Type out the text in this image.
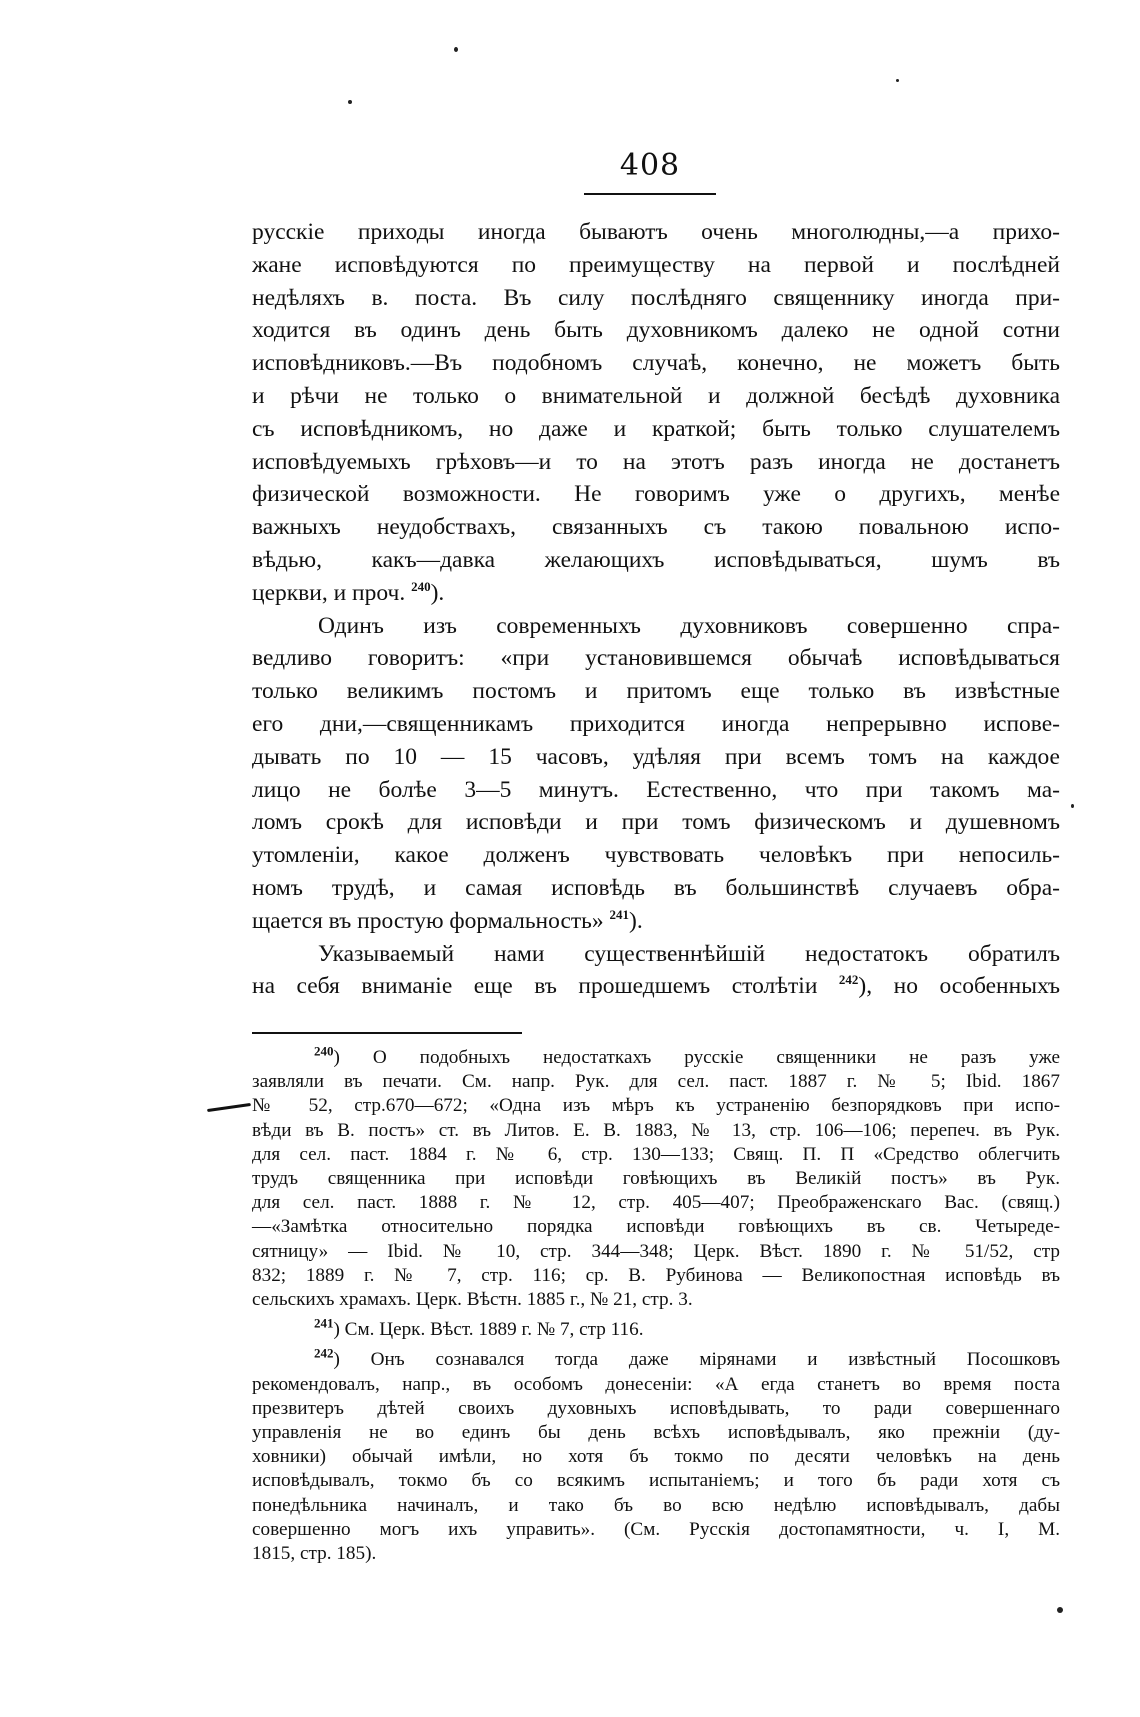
408
русскіе приходы иногда бываютъ очень многолюдны,—а прихо-
жане исповѣдуются по преимуществу на первой и послѣдней
недѣляхъ в. поста. Въ силу послѣдняго священнику иногда при-
ходится въ одинъ день быть духовникомъ далеко не одной сотни
исповѣдниковъ.—Въ подобномъ случаѣ, конечно, не можетъ быть
и рѣчи не только о внимательной и должной бесѣдѣ духовника
съ исповѣдникомъ, но даже и краткой; быть только слушателемъ
исповѣдуемыхъ грѣховъ—и то на этотъ разъ иногда не достанетъ
физической возможности. Не говоримъ уже о другихъ, менѣе
важныхъ неудобствахъ, связанныхъ съ такою повальною испо-
вѣдью, какъ—давка желающихъ исповѣдываться, шумъ въ
церкви, и проч. $^{240}$).
Одинъ изъ современныхъ духовниковъ совершенно спра-
ведливо говоритъ: «при установившемся обычаѣ исповѣдываться
только великимъ постомъ и притомъ еще только въ извѣстные
его дни,—священникамъ приходится иногда непрерывно испове-
дывать по 10 — 15 часовъ, удѣляя при всемъ томъ на каждое
лицо не болѣе 3—5 минутъ. Естественно, что при такомъ ма-
ломъ срокѣ для исповѣди и при томъ физическомъ и душевномъ
утомленіи, какое долженъ чувствовать человѣкъ при непосиль-
номъ трудѣ, и самая исповѣдь въ большинствѣ случаевъ обра-
щается въ простую формальность» $^{241}$).
Указываемый нами существеннѣйшій недостатокъ обратилъ
на себя вниманіе еще въ прошедшемъ столѣтіи $^{242}$), но особенныхъ
$^{240}$) О подобныхъ недостаткахъ русскіе священники не разъ уже
заявляли въ печати. См. напр. Рук. для сел. паст. 1887 г. № 5; Ibid. 1867
№ 52, стр.670—672; «Одна изъ мѣръ къ устраненію безпорядковъ при испо-
вѣди въ В. постъ» ст. въ Литов. Е. В. 1883, № 13, стр. 106—106; перепеч. въ Рук.
для сел. паст. 1884 г. № 6, стр. 130—133; Свящ. П. П «Средство облегчить
трудъ священника при исповѣди говѣющихъ въ Великій постъ» въ Рук.
для сел. паст. 1888 г. № 12, стр. 405—407; Преображенскаго Вас. (свящ.)
—«Замѣтка относительно порядка исповѣди говѣющихъ въ св. Четыреде-
сятницу» — Ibid. № 10, стр. 344—348; Церк. Вѣст. 1890 г. № 51/52, стр
832; 1889 г. № 7, стр. 116; ср. В. Рубинова — Великопостная исповѣдь въ
сельскихъ храмахъ. Церк. Вѣстн. 1885 г., № 21, стр. 3.
$^{241}$) См. Церк. Вѣст. 1889 г. № 7, стр 116.
$^{242}$) Онъ сознавался тогда даже мірянами и извѣстный Посошковъ
рекомендовалъ, напр., въ особомъ донесеніи: «А егда станетъ во время поста
презвитеръ дѣтей своихъ духовныхъ исповѣдывать, то ради совершеннаго
управленія не во единъ бы день всѣхъ исповѣдывалъ, яко прежнiи (ду-
ховники) обычай имѣли, но хотя бъ токмо по десяти человѣкъ на день
исповѣдывалъ, токмо бъ со всякимъ испытаніемъ; и того бъ ради хотя съ
понедѣльника начиналъ, и тако бъ во всю недѣлю исповѣдывалъ, дабы
совершенно могъ ихъ управить». (См. Русскія достопамятности, ч. I, М.
1815, стр. 185).
